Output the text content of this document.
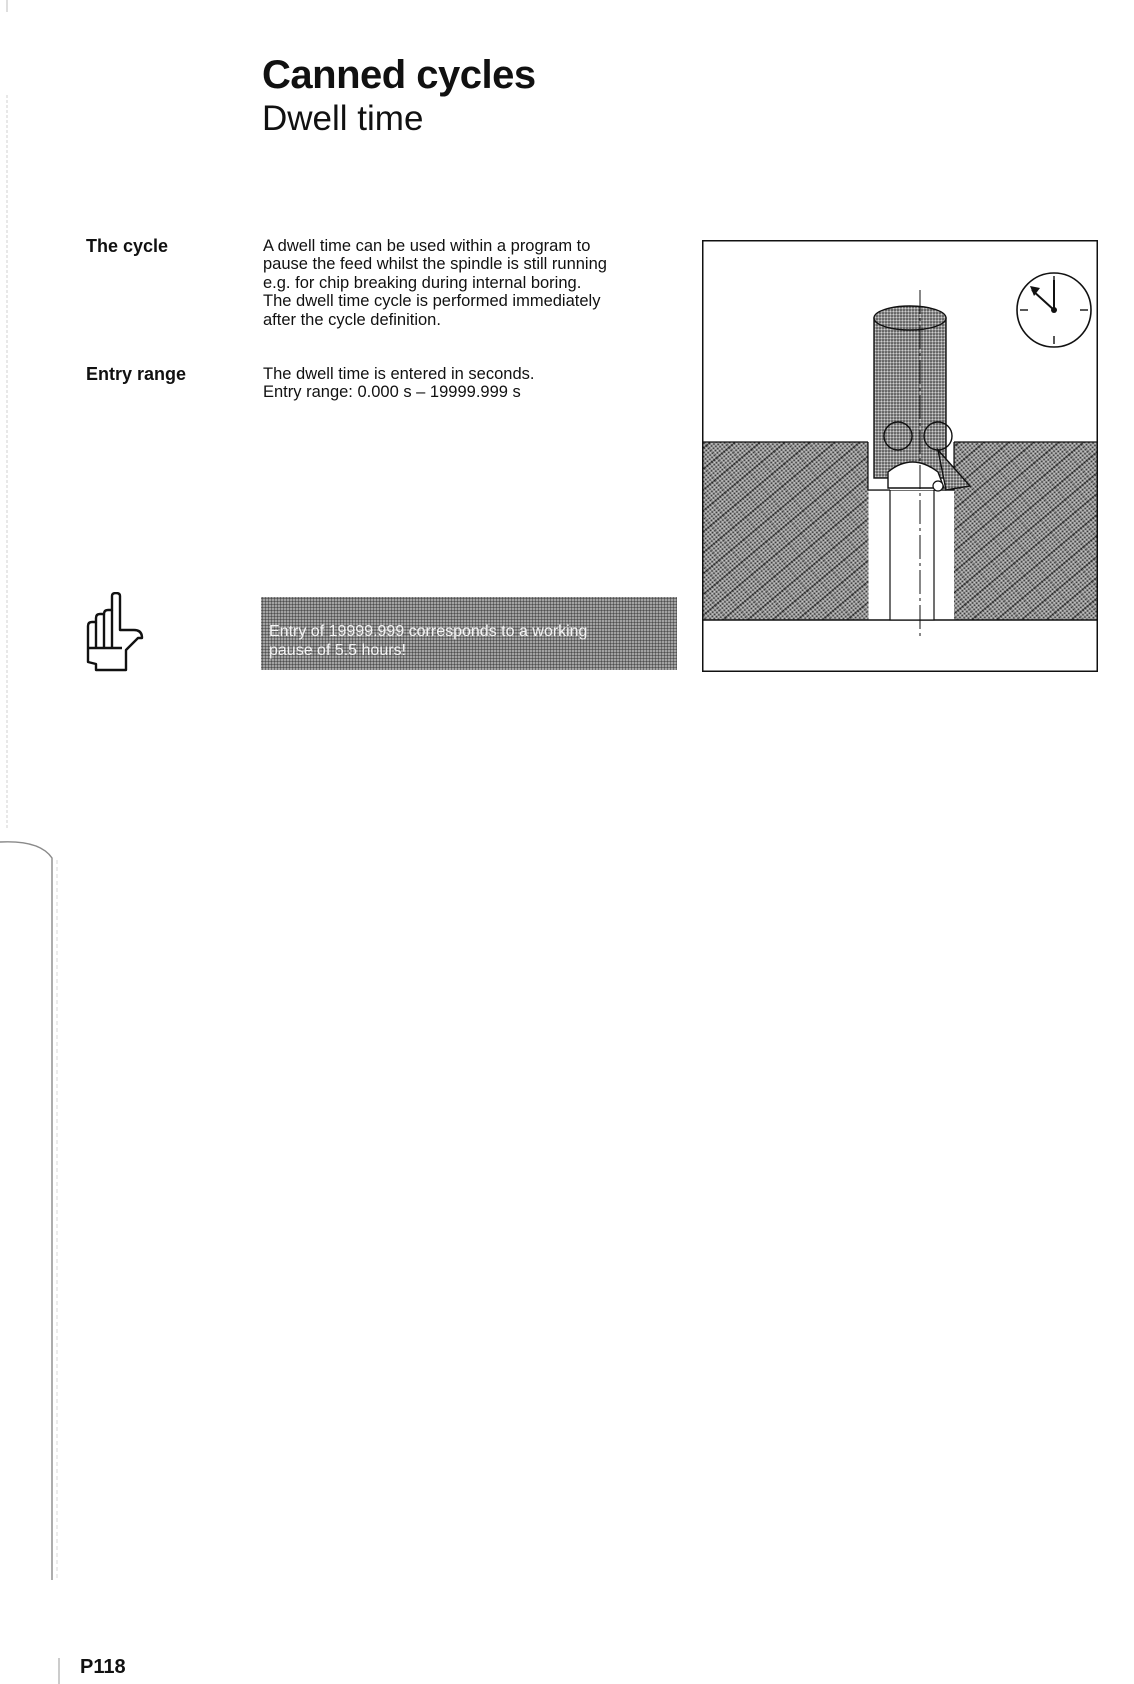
Canned cycles
Dwell time
The cycle	A dwell time can be used within a program to

pause the feed whilst the spindle is still running

e.g. for chip breaking during internal boring.

The dwell time cycle is performed immediately

after the cycle definition.

Entry range	The dwell time is entered in seconds.

Entry range: 0.000 s – 19999.999 s

Entry of 19999.999 corresponds to a working
pause of 5.5 hours!
P118
